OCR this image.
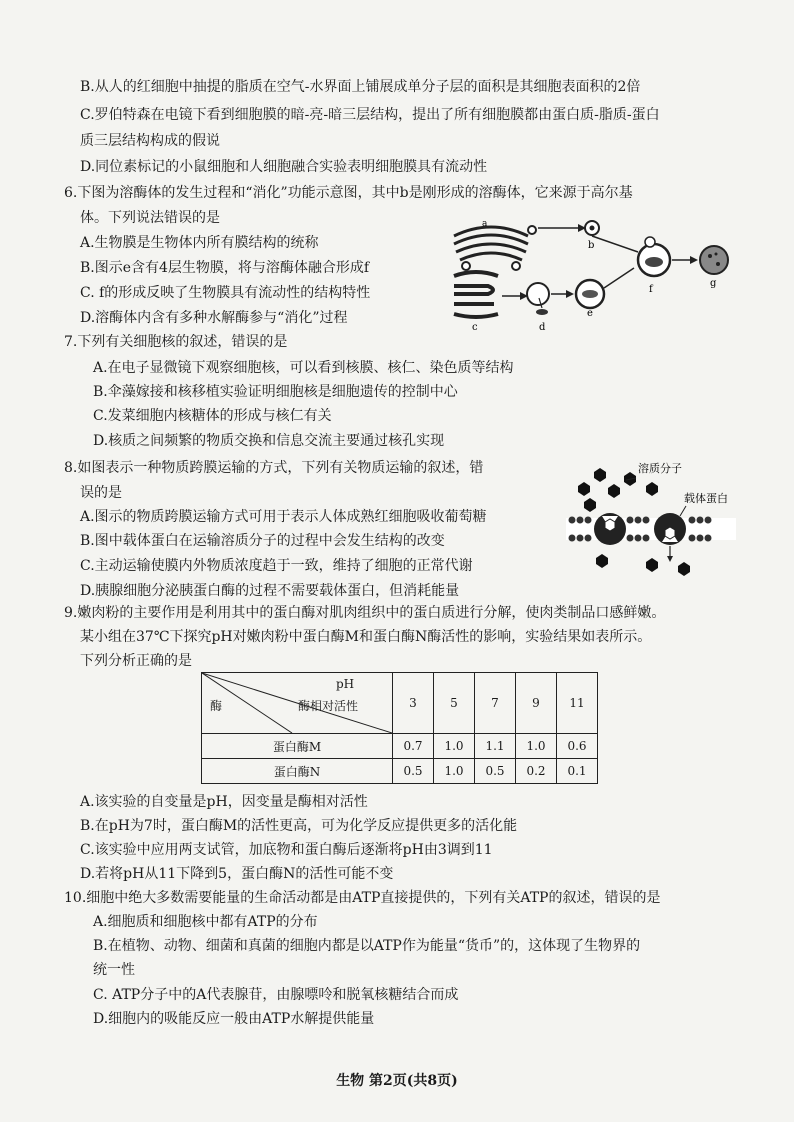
B.从人的红细胞中抽提的脂质在空气-水界面上铺展成单分子层的面积是其细胞表面积的2倍
C.罗伯特森在电镜下看到细胞膜的暗-亮-暗三层结构，提出了所有细胞膜都由蛋白质-脂质-蛋白
质三层结构构成的假说
D.同位素标记的小鼠细胞和人细胞融合实验表明细胞膜具有流动性
6.下图为溶酶体的发生过程和“消化”功能示意图，其中b是刚形成的溶酶体，它来源于高尔基
体。下列说法错误的是
A.生物膜是生物体内所有膜结构的统称
B.图示e含有4层生物膜，将与溶酶体融合形成f
C. f的形成反映了生物膜具有流动性的结构特性
D.溶酶体内含有多种水解酶参与“消化”过程
a
b
c	d
e
f
g
7.下列有关细胞核的叙述，错误的是
A.在电子显微镜下观察细胞核，可以看到核膜、核仁、染色质等结构
B.伞藻嫁接和核移植实验证明细胞核是细胞遗传的控制中心
C.发菜细胞内核糖体的形成与核仁有关
D.核质之间频繁的物质交换和信息交流主要通过核孔实现
8.如图表示一种物质跨膜运输的方式，下列有关物质运输的叙述，错
误的是
A.图示的物质跨膜运输方式可用于表示人体成熟红细胞吸收葡萄糖
B.图中载体蛋白在运输溶质分子的过程中会发生结构的改变
C.主动运输使膜内外物质浓度趋于一致，维持了细胞的正常代谢
D.胰腺细胞分泌胰蛋白酶的过程不需要载体蛋白，但消耗能量
溶质分子
载体蛋白
9.嫩肉粉的主要作用是利用其中的蛋白酶对肌肉组织中的蛋白质进行分解，使肉类制品口感鲜嫩。
某小组在37℃下探究pH对嫩肉粉中蛋白酶M和蛋白酶N酶活性的影响，实验结果如表所示。
下列分析正确的是
pH
酶 酶相对活性	3	5	7	9	11
蛋白酶M	0.7	1.0	1.1	1.0	0.6
蛋白酶N	0.5	1.0	0.5	0.2	0.1
A.该实验的自变量是pH，因变量是酶相对活性
B.在pH为7时，蛋白酶M的活性更高，可为化学反应提供更多的活化能
C.该实验中应用两支试管，加底物和蛋白酶后逐渐将pH由3调到11
D.若将pH从11下降到5，蛋白酶N的活性可能不变
10.细胞中绝大多数需要能量的生命活动都是由ATP直接提供的，下列有关ATP的叙述，错误的是
A.细胞质和细胞核中都有ATP的分布
B.在植物、动物、细菌和真菌的细胞内都是以ATP作为能量“货币”的，这体现了生物界的
统一性
C. ATP分子中的A代表腺苷，由腺嘌呤和脱氧核糖结合而成
D.细胞内的吸能反应一般由ATP水解提供能量
生物 第2页(共8页)
